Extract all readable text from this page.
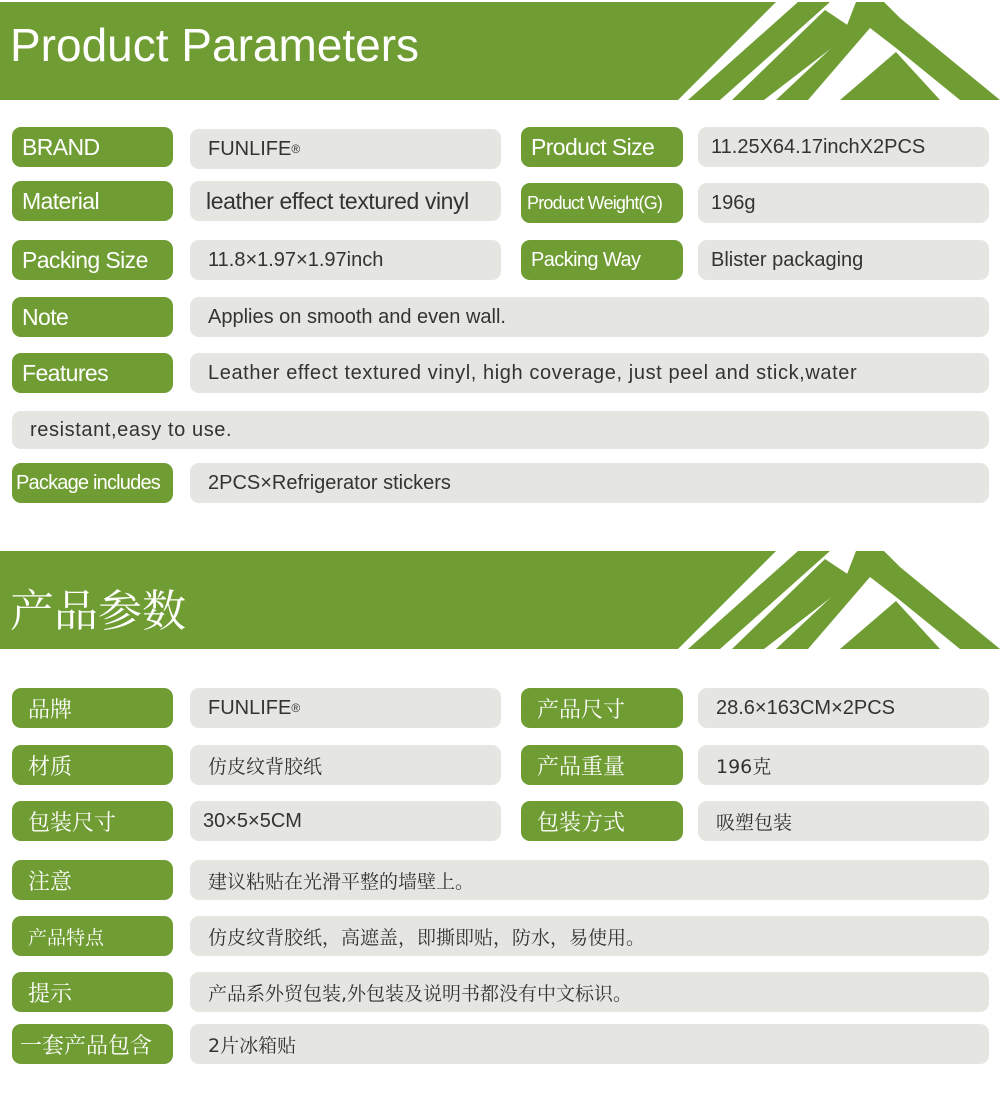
Product Parameters
BRAND	FUNLIFE ®	Product Size	11.25X64.17inchX2PCS
Material	leather effect textured vinyl	Product Weight(G)	196g
Packing Size	11.8×1.97×1.97inch	Packing Way	Blister packaging
Note	Applies on smooth and even wall.
Features	Leather effect textured vinyl, high coverage, just peel and stick,water
resistant,easy to use.
Package includes	2PCS×Refrigerator stickers
产品参数
品牌	FUNLIFE ®	产品尺寸	28.6×163CM×2PCS
材质	仿皮纹背胶纸	产品重量	196克
包装尺寸	30×5×5CM	包装方式	吸塑包装
注意	建议粘贴在光滑平整的墙壁上。
产品特点	仿皮纹背胶纸，高遮盖，即撕即贴，防水，易使用。
提示	产品系外贸包装,外包装及说明书都没有中文标识。
一套产品包含	2片冰箱贴
